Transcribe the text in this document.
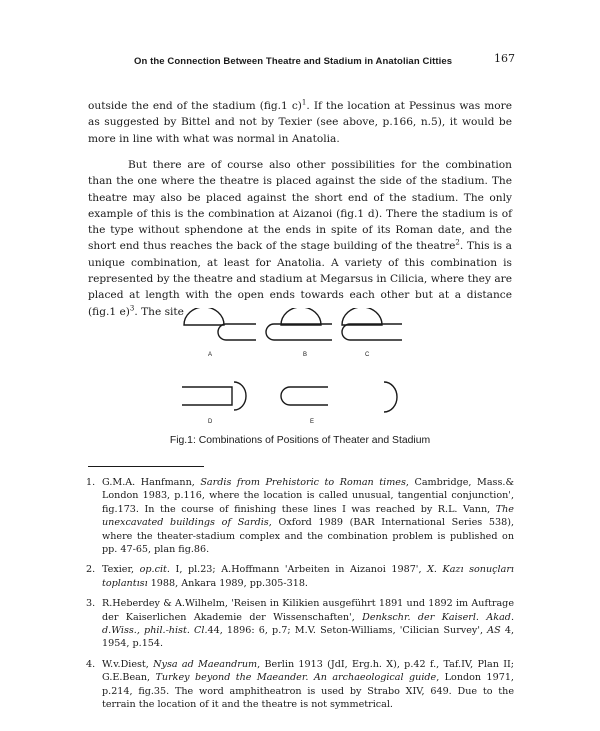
On the Connection Between Theatre and Stadium in Anatolian Citties	167

outside the end of the stadium (fig.1 c)$^1$. If the location at Pessinus was more as suggested by Bittel and not by Texier (see above, p.166, n.5), it would be more in line with what was normal in Anatolia.

But there are of course also other possibilities for the combination than the one where the theatre is placed against the side of the stadium. The theatre may also be placed against the short end of the stadium. The only example of this is the combination at Aizanoi (fig.1 d). There the stadium is of the type without sphendone at the ends in spite of its Roman date, and the short end thus reaches the back of the stage building of the theatre$^2$. This is a unique combination, at least for Anatolia. A variety of this combination is represented by the theatre and stadium at Megarsus in Cilicia, where they are placed at length with the open ends towards each other but at a distance (fig.1 e)$^3$. The site

A	B	C
D	E
Fig.1: Combinations of Positions of Theater and Stadium
1. G.M.A. Hanfmann, Sardis from Prehistoric to Roman times, Cambridge, Mass.& London 1983, p.116, where the location is called unusual, tangential conjunction', fig.173. In the course of finishing these lines I was reached by R.L. Vann, The unexcavated buildings of Sardis, Oxford 1989 (BAR International Series 538), where the theater-stadium complex and the combination problem is published on pp. 47-65, plan fig.86.
2. Texier, op.cit. I, pl.23; A.Hoffmann 'Arbeiten in Aizanoi 1987', X. Kazı sonuçları toplantısı 1988, Ankara 1989, pp.305-318.
3. R.Heberdey & A.Wilhelm, 'Reisen in Kilikien ausgeführt 1891 und 1892 im Auftrage der Kaiserlichen Akademie der Wissenschaften', Denkschr. der Kaiserl. Akad. d.Wiss., phil.-hist. Cl.44, 1896: 6, p.7; M.V. Seton-Williams, 'Cilician Survey', AS 4, 1954, p.154.
4. W.v.Diest, Nysa ad Maeandrum, Berlin 1913 (JdI, Erg.h. X), p.42 f., Taf.IV, Plan II; G.E.Bean, Turkey beyond the Maeander. An archaeological guide, London 1971, p.214, fig.35. The word amphitheatron is used by Strabo XIV, 649. Due to the terrain the location of it and the theatre is not symmetrical.
